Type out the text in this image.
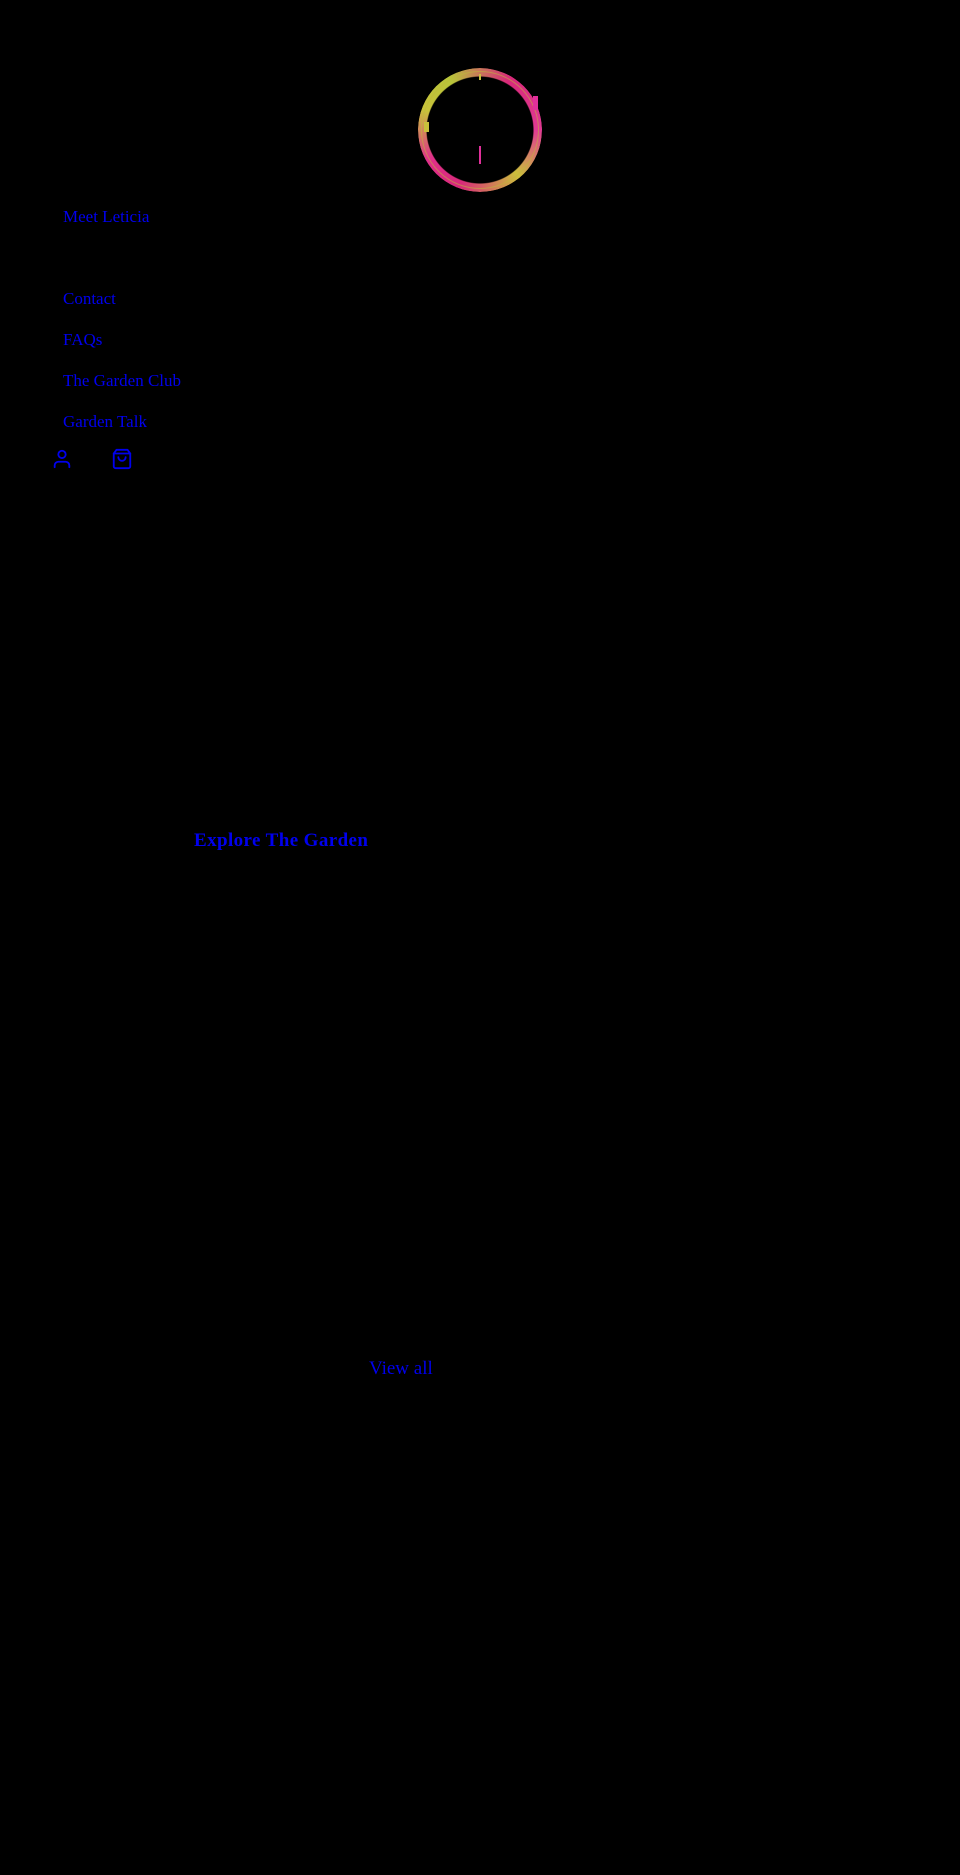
Meet Leticia
Contact
FAQs
The Garden Club
Garden Talk
Explore The Garden
View all
